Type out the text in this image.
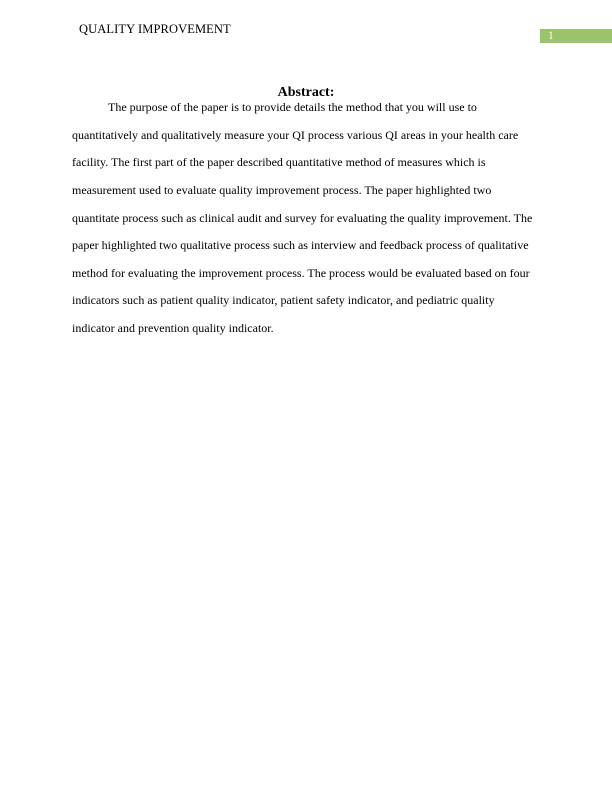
QUALITY IMPROVEMENT	1
Abstract:
The purpose of the paper is to provide details the method that you will use to
quantitatively and qualitatively measure your QI process various QI areas in your health care
facility. The first part of the paper described quantitative method of measures which is
measurement used to evaluate quality improvement process. The paper highlighted two
quantitate process such as clinical audit and survey for evaluating the quality improvement. The
paper highlighted two qualitative process such as interview and feedback process of qualitative
method for evaluating the improvement process. The process would be evaluated based on four
indicators such as patient quality indicator, patient safety indicator, and pediatric quality
indicator and prevention quality indicator.
